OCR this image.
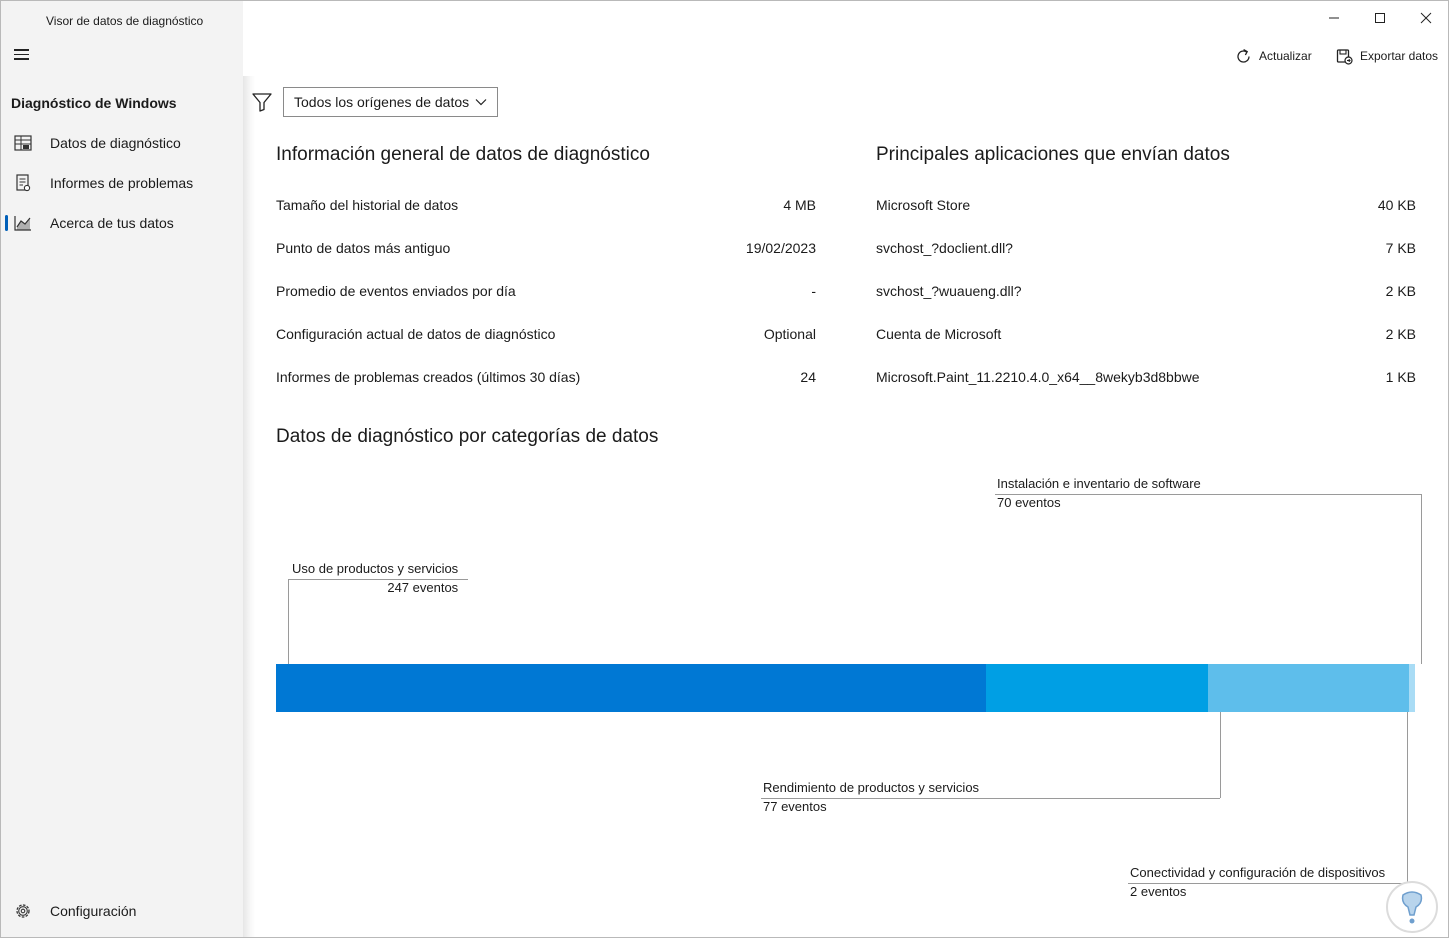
Visor de datos de diagnóstico
Diagnóstico de Windows
Datos de diagnóstico
Informes de problemas
Acerca de tus datos
Configuración
Actualizar	Exportar datos
Todos los orígenes de datos
Información general de datos de diagnóstico
Tamaño del historial de datos	4 MB
Punto de datos más antiguo	19/02/2023
Promedio de eventos enviados por día	-
Configuración actual de datos de diagnóstico	Optional
Informes de problemas creados (últimos 30 días)	24
Principales aplicaciones que envían datos
Microsoft Store	40 KB
svchost_?doclient.dll?	7 KB
svchost_?wuaueng.dll?	2 KB
Cuenta de Microsoft	2 KB
Microsoft.Paint_11.2210.4.0_x64__8wekyb3d8bbwe	1 KB
Datos de diagnóstico por categorías de datos
Uso de productos y servicios
247 eventos
Instalación e inventario de software
70 eventos
Rendimiento de productos y servicios
77 eventos
Conectividad y configuración de dispositivos
2 eventos
